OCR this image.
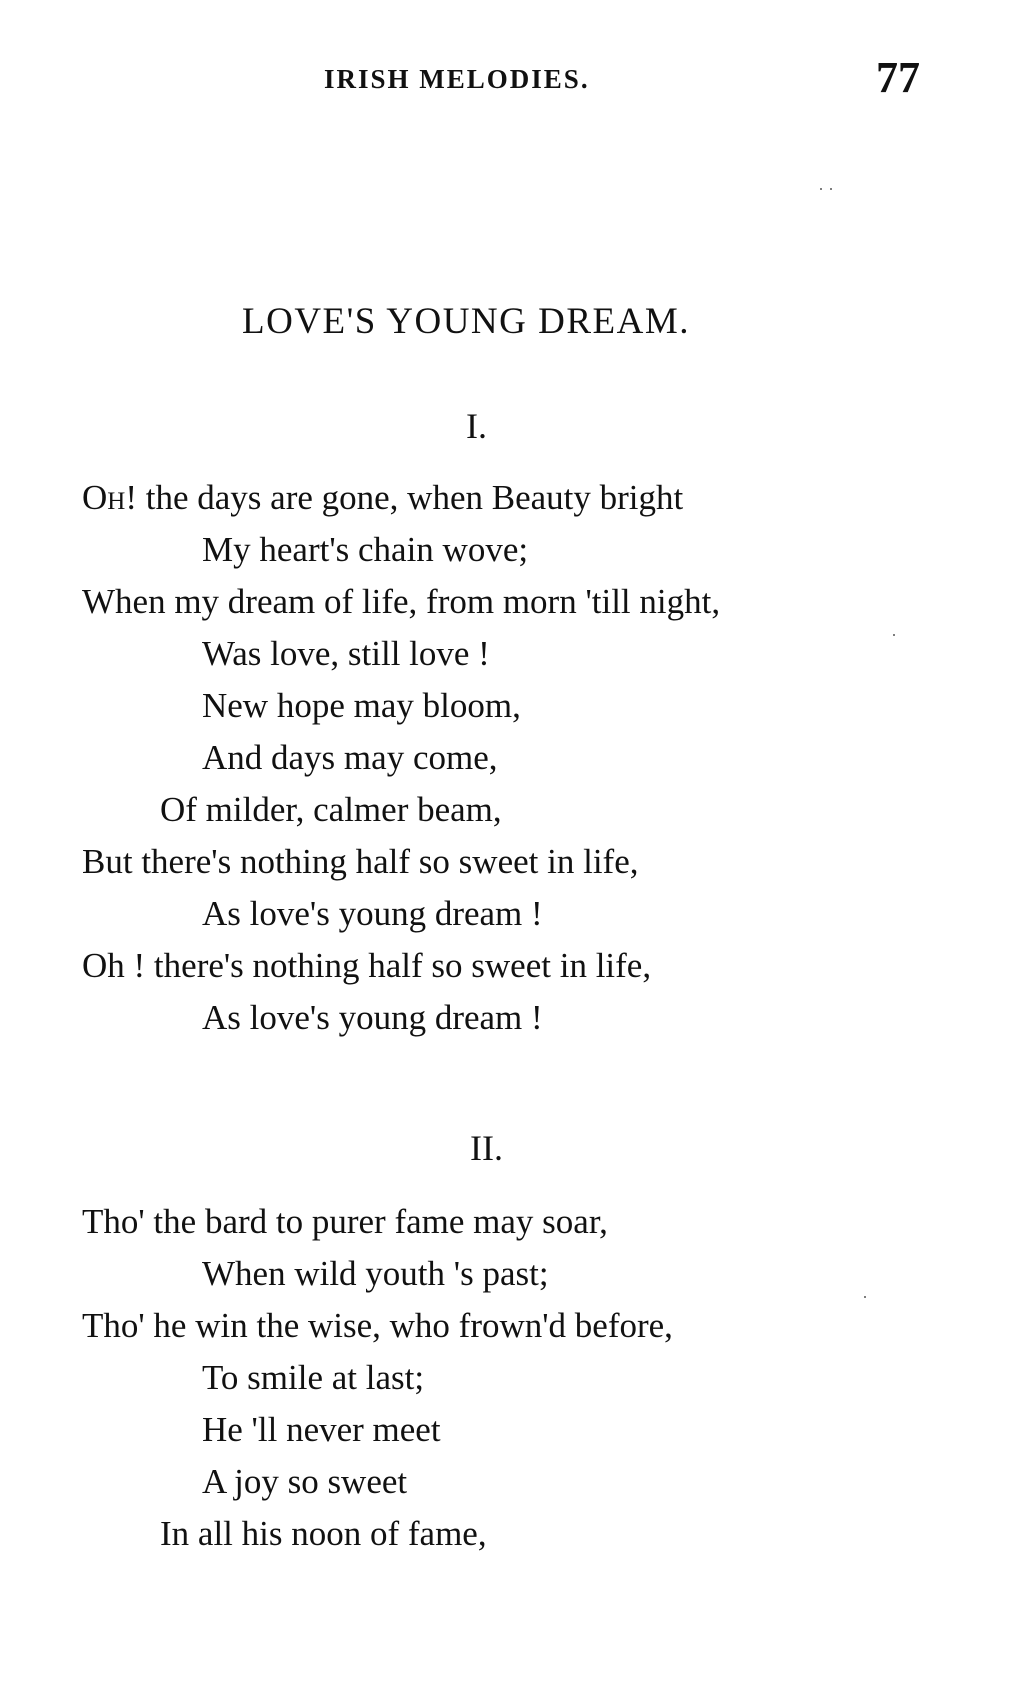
IRISH MELODIES.	77
LOVE'S YOUNG DREAM.
I.
Oh! the days are gone, when Beauty bright
My heart's chain wove;
When my dream of life, from morn 'till night,
Was love, still love !
New hope may bloom,
And days may come,
Of milder, calmer beam,
But there's nothing half so sweet in life,
As love's young dream !
Oh ! there's nothing half so sweet in life,
As love's young dream !
II.
Tho' the bard to purer fame may soar,
When wild youth 's past;
Tho' he win the wise, who frown'd before,
To smile at last;
He 'll never meet
A joy so sweet
In all his noon of fame,
